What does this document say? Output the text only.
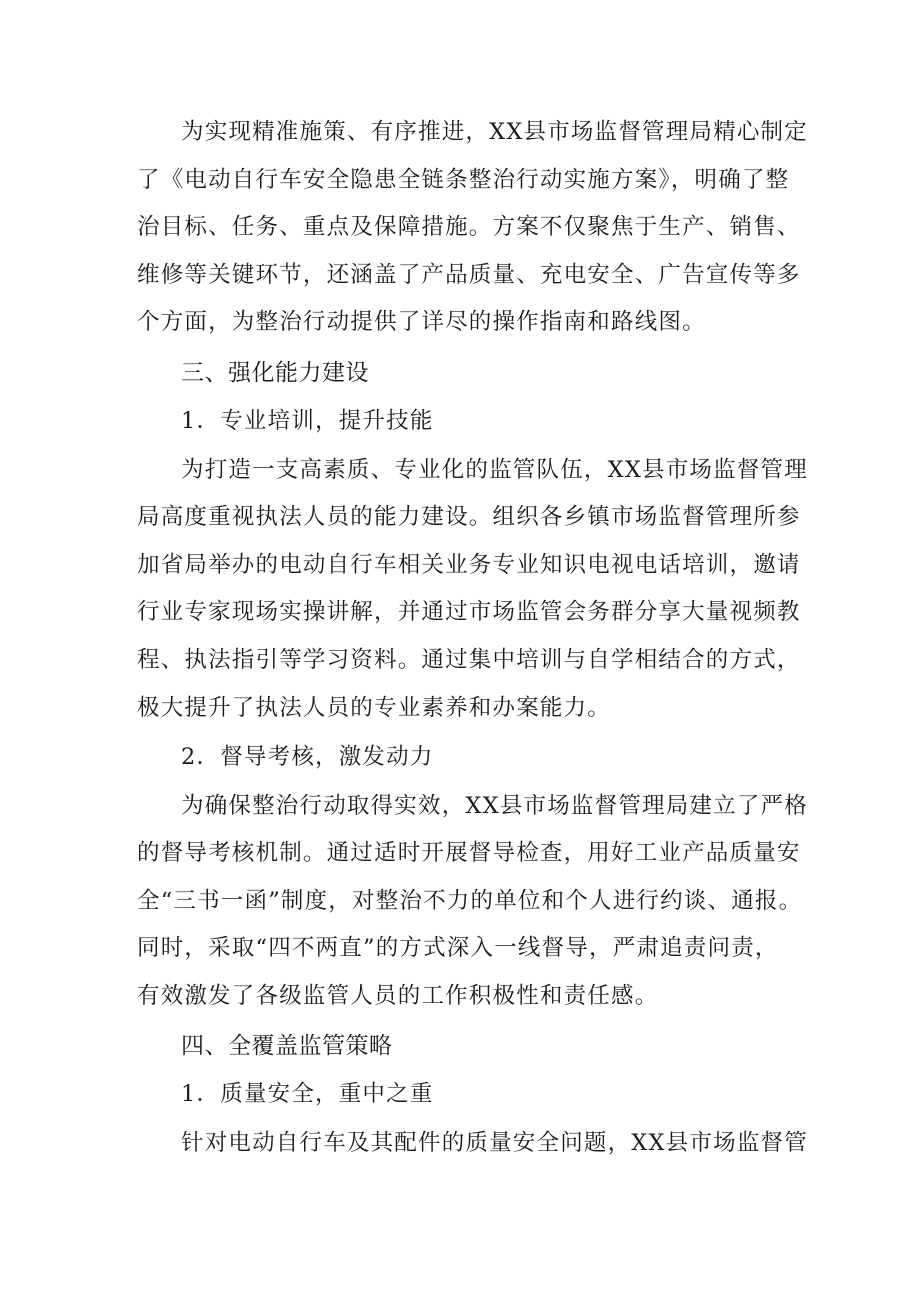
为实现精准施策、有序推进，XX县市场监督管理局精心制定
了《电动自行车安全隐患全链条整治行动实施方案》，明确了整
治目标、任务、重点及保障措施。方案不仅聚焦于生产、销售、
维修等关键环节，还涵盖了产品质量、充电安全、广告宣传等多
个方面，为整治行动提供了详尽的操作指南和路线图。
三、强化能力建设
1．专业培训，提升技能
为打造一支高素质、专业化的监管队伍，XX县市场监督管理
局高度重视执法人员的能力建设。组织各乡镇市场监督管理所参
加省局举办的电动自行车相关业务专业知识电视电话培训，邀请
行业专家现场实操讲解，并通过市场监管会务群分享大量视频教
程、执法指引等学习资料。通过集中培训与自学相结合的方式，
极大提升了执法人员的专业素养和办案能力。
2．督导考核，激发动力
为确保整治行动取得实效，XX县市场监督管理局建立了严格
的督导考核机制。通过适时开展督导检查，用好工业产品质量安
全“三书一函”制度，对整治不力的单位和个人进行约谈、通报。
同时，采取“四不两直”的方式深入一线督导，严肃追责问责，
有效激发了各级监管人员的工作积极性和责任感。
四、全覆盖监管策略
1．质量安全，重中之重
针对电动自行车及其配件的质量安全问题，XX县市场监督管
